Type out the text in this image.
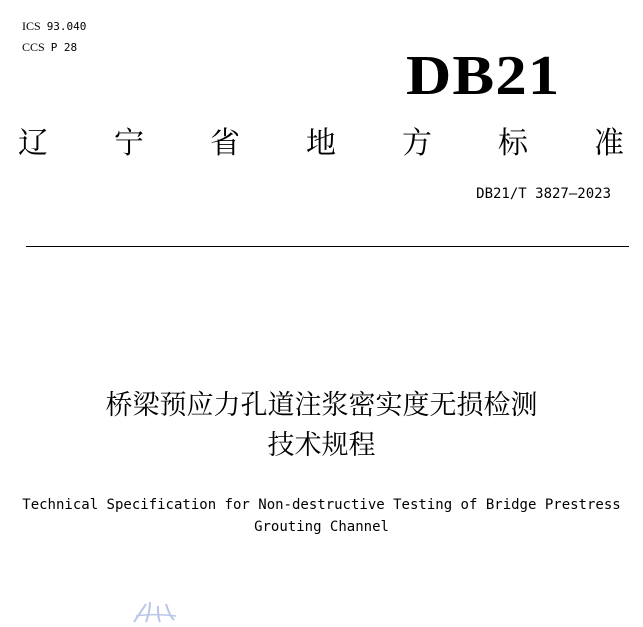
ICS 93.040
CCS P 28	DB21
辽 宁 省 地 方 标 准
DB21/T 3827—2023
桥梁预应力孔道注浆密实度无损检测
技术规程
Technical Specification for Non-destructive Testing of Bridge Prestress
Grouting Channel
